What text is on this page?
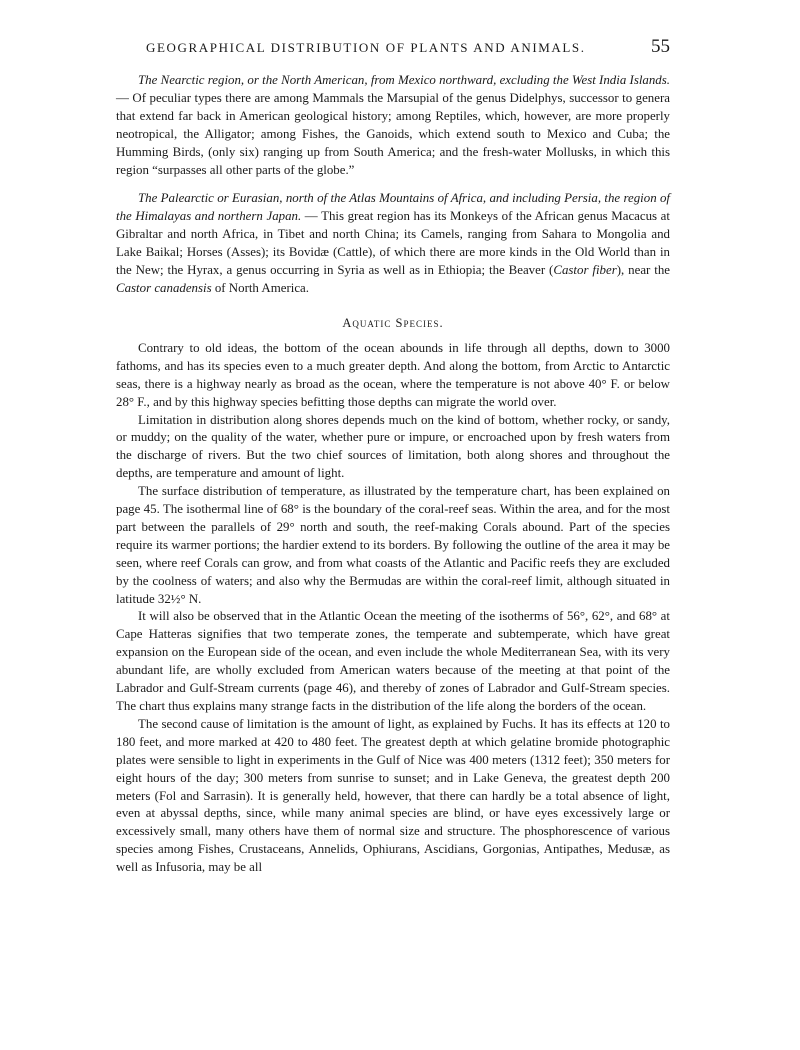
GEOGRAPHICAL DISTRIBUTION OF PLANTS AND ANIMALS.	55

The Nearctic region, or the North American, from Mexico northward, excluding the West India Islands. — Of peculiar types there are among Mammals the Marsupial of the genus Didelphys, successor to genera that extend far back in American geological history; among Reptiles, which, however, are more properly neotropical, the Alligator; among Fishes, the Ganoids, which extend south to Mexico and Cuba; the Humming Birds, (only six) ranging up from South America; and the fresh-water Mollusks, in which this region “surpasses all other parts of the globe.”

The Palearctic or Eurasian, north of the Atlas Mountains of Africa, and including Persia, the region of the Himalayas and northern Japan. — This great region has its Monkeys of the African genus Macacus at Gibraltar and north Africa, in Tibet and north China; its Camels, ranging from Sahara to Mongolia and Lake Baikal; Horses (Asses); its Bovidæ (Cattle), of which there are more kinds in the Old World than in the New; the Hyrax, a genus occurring in Syria as well as in Ethiopia; the Beaver (Castor fiber), near the Castor canadensis of North America.

Aquatic Species.

Contrary to old ideas, the bottom of the ocean abounds in life through all depths, down to 3000 fathoms, and has its species even to a much greater depth. And along the bottom, from Arctic to Antarctic seas, there is a highway nearly as broad as the ocean, where the temperature is not above 40° F. or below 28° F., and by this highway species befitting those depths can migrate the world over.

Limitation in distribution along shores depends much on the kind of bottom, whether rocky, or sandy, or muddy; on the quality of the water, whether pure or impure, or encroached upon by fresh waters from the discharge of rivers. But the two chief sources of limitation, both along shores and throughout the depths, are temperature and amount of light.

The surface distribution of temperature, as illustrated by the temperature chart, has been explained on page 45. The isothermal line of 68° is the boundary of the coral-reef seas. Within the area, and for the most part between the parallels of 29° north and south, the reef-making Corals abound. Part of the species require its warmer portions; the hardier extend to its borders. By following the outline of the area it may be seen, where reef Corals can grow, and from what coasts of the Atlantic and Pacific reefs they are excluded by the coolness of waters; and also why the Bermudas are within the coral-reef limit, although situated in latitude 32½° N.

It will also be observed that in the Atlantic Ocean the meeting of the isotherms of 56°, 62°, and 68° at Cape Hatteras signifies that two temperate zones, the temperate and subtemperate, which have great expansion on the European side of the ocean, and even include the whole Mediterranean Sea, with its very abundant life, are wholly excluded from American waters because of the meeting at that point of the Labrador and Gulf-Stream currents (page 46), and thereby of zones of Labrador and Gulf-Stream species. The chart thus explains many strange facts in the distribution of the life along the borders of the ocean.

The second cause of limitation is the amount of light, as explained by Fuchs. It has its effects at 120 to 180 feet, and more marked at 420 to 480 feet. The greatest depth at which gelatine bromide photographic plates were sensible to light in experiments in the Gulf of Nice was 400 meters (1312 feet); 350 meters for eight hours of the day; 300 meters from sunrise to sunset; and in Lake Geneva, the greatest depth 200 meters (Fol and Sarrasin). It is generally held, however, that there can hardly be a total absence of light, even at abyssal depths, since, while many animal species are blind, or have eyes excessively large or excessively small, many others have them of normal size and structure. The phosphorescence of various species among Fishes, Crustaceans, Annelids, Ophiurans, Ascidians, Gorgonias, Antipathes, Medusæ, as well as Infusoria, may be all
